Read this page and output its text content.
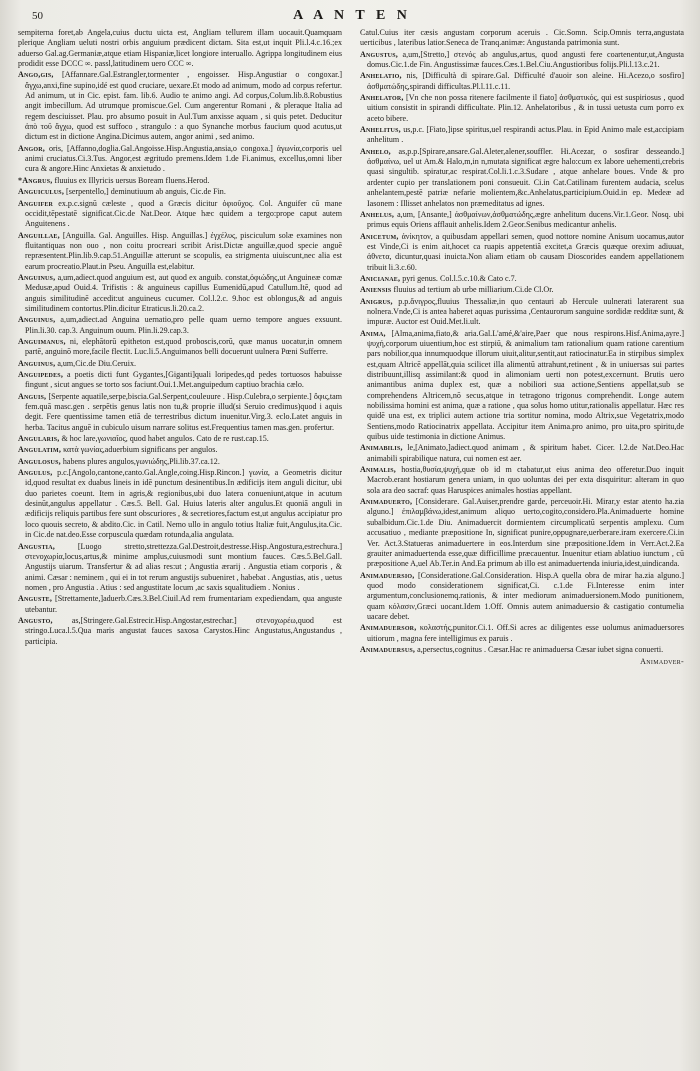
50	A A N T E N

sempiterna foret,ab Angela,cuius ductu uicta est, Angliam tellurem illam uocauit.Quamquam plerique Angliam ueluti nostri orbis anguium prædicent dictam. Sita est,ut inquit Pli.l.4.c.16.;ex aduerso Gal.ag.Germaniæ,atque etiam Hispaniæ,licet longiore interuallo. Agrippa longitudinem eius prodidit esse DCCC ∞. passl,latitudinem uero CCC ∞.

Ango,gis, [Affannare.Gal.Estrangler,tormenter , engoisser. Hisp.Angustiar o congoxar.] ἄγχω,anxi,fine supino,idé est quod cruciare, uexare.Et modo ad animum, modo ad corpus refertur. Ad animum, ut in Cic. epist. fam. lib.6. Audio te animo angi. Ad corpus,Colum.lib.8.Robustius angit imbecillum. Ad utrumque promiscue.Gel. Cum angerentur Romani , & pleraque Italia ad regem desciuisset. Plau. pro absumo posuit in Aul.Tum anxisse aquam , si quis petet. Deducitur ἀπὸ τοῦ ἄγχω, quod est suffoco , strangulo : a quo Synanche morbus faucium quod acutus,ut dictum est in dictione Angina.Dicimus autem, angor animi , sed animo.

Angor, oris, [Affanno,doglia.Gal.Angoisse.Hisp.Angustia,ansia,o congoxa.] ἀγωνία,corporis uel animi cruciatus.Ci.3.Tus. Angor,est ægritudo premens.Idem 1.de Fi.animus, excellus,omni liber cura & angore.Hinc Anxietas & anxietudo .

*Angrus, fluuius ex Illyricis uersus Boream fluens.Herod.

Anguiculus, [serpentello,] deminutiuum ab anguis, Cic.de Fin.

Anguifer ex.p.c.signū cæleste , quod a Græcis dicitur ὀφιοῦχος. Col. Anguifer cū mane occidit,tēpestatē significat.Cic.de Nat.Deor. Atque hæc quidem a tergo:prope caput autem Anguitenens .

Anguillae, [Anguilla. Gal. Anguilles. Hisp. Anguillas.] ἐγχέλυς, pisciculum solæ examines non fluitantiquas non ouo , non coitu procreari scribit Arist.Dictæ anguillæ,quod specie anguē repræsentent.Plin.lib.9.cap.51.Anguillæ atterunt se scopulis, ea strigmenta uiuiscunt,nec alia est earum procreatio.Plaut.in Pseu. Anguilla est,elabitur.

Anguinus, a,um,adiect.quod anguium est, aut quod ex anguib. constat,ὀφιώδης,ut Anguineæ comæ Medusæ,apud Ouid.4. Trifistis : & anguineus capillus Eumenidū,apud Catullum.Itē, quod ad anguis similitudinē accedit:ut anguineus cucumer. Col.l.2.c. 9.hoc est oblongus,& ad anguis similitudinem contortus.Plin.dicitur Etraticus.li.20.ca.2.

Anguinus, a,um,adiect.ad Anguina uernatio,pro pelle quam uerno tempore angues exsuunt. Plin.li.30. cap.3. Anguinum ouum. Plin.li.29.cap.3.

Anguimanus, ni, elephātorū epitheton est,quod proboscis,corū, quæ manus uocatur,in omnem partē, anguinō more,facile flectit. Luc.li.5.Anguimanos belli docuerunt uulnera Pœni Sufferre.

Anguinus, a,um,Cic.de Diu.Ceruix.

Anguipedes, a poetis dicti funt Gygantes,[Giganti]quali loripedes,qd pedes tortuosos habuisse fingunt , sicut angues se torto sos faciunt.Oui.1.Met.anguipedum captiuo brachia cælo.

Anguis, [Serpente aquatile,serpe,biscia.Gal.Serpent,couleuure . Hisp.Culebra,o serpiente.] ὄφις,tam fem.quā masc.gen . serpētis genus latis non tu,& proprie illud(si Seruio credimus)quod i aquis degit. Fere quentissime tamen etiā de terrestribus dictum inuenitur.Virg.3. eclo.Latet anguis in herba. Tacitus anguē in cubiculo uisum narrare solitus est.Frequentius tamen mas.gen. profertur.

Angularis, & hoc lare,γωνιαῖος, quod habet angulos. Cato de re rust.cap.15.

Angulatim, κατὰ γωνίας,aduerbium significans per angulos.

Angulosus, habens plures angulos,γωνιώδης,Pli.lib.37.ca.12.

Angulus, p.c.[Angolo,cantone,canto.Gal.Angle,coing.Hisp.Rincon.] γωνία, a Geometris dicitur id,quod resultat ex duabus lineis in idē punctum desinentibus.In ædificijs item anguli dicitur, ubi duo parietes coeunt. Item in agris,& regionibus,ubi duo latera conueniunt,atque in acutum desinūt,angulus appellatur . Cæs.5. Bell. Gal. Huius lateris alter angulus.Et quoniā anguli in ædificijs reliquis partibus fere sunt obscuriores , & secretiores,factum est,ut angulus accipiatur pro loco quouis secreto, & abdito.Cic. in Catil. Nemo ullo in angulo totius Italiæ fuit,Angulus,ita.Cic. in Cic.de nat.deo.Esse corpuscula quædam rotunda,alia angulata.

Angustia,	[Luogo stretto,strettezza.Gal.Destroit,destresse.Hisp.Angostura,estrechura.] στενοχωρία,locus,artus,& minime amplus,cuiusmodi sunt montium fauces. Cæs.5.Bel.Gall. Angustijs uiarum. Transfertur & ad alias res:ut ; Angustia ærarij . Angustia etiam corporis , & animi. Cæsar : neminem , qui ei in tot rerum angustijs subueniret , habebat . Angustias, atis , uetus nomen , pro Angustia . Atius : sed angustitate locum ,ac saxis squalitudiem . Nonius .

Anguste, [Strettamente,]aduerb.Cæs.3.Bel.Ciuil.Ad rem frumentariam expediendam, qua anguste utebantur.

Angusto, as,[Stringere.Gal.Estrecir.Hisp.Angostar,estrechar.] στενοχωρέω,quod est stringo.Luca.l.5.Qua maris angustat fauces saxosa Carystos.Hinc Angustatus,Angustandus , participia.

Catul.Cuius iter cæsis angustam corporum aceruis . Cic.Somn. Scip.Omnis terra,angustata uerticibus , lateribus latior.Seneca de Tranq.animæ: Angustanda patrimonia sunt.

Angustus, a,um,[Stretto,] στενός ab angulus,artus, quod angusti fere coartenentur,ut,Angusta domus.Cic.1.de Fin. Angustissimæ fauces.Cæs.1.Bel.Ciu.Angustioribus folijs.Pli.l.13.c.21.

Anhelatio, nis, [Difficultà di spirare.Gal. Difficulté d'auoir son aleine. Hi.Acezo,o sosfiro] ἀσθματώδης,spirandi difficultas.Pl.l.11.c.11.

Anhelator, [Vn che non possa ritenere facilmente il fiato] ἀσθματικός, qui est suspiriosus , quod uitium consistit in spirandi difficultate. Plin.12. Anhelatoribus , & in tussi uetusta cum porro ex aceto bibere.

Anhelitus, us,p.c. [Fiato,]ipse spiritus,uel respirandi actus.Plau. in Epid Animo male est,accipiam anhelitum .

Anhelo, as,p.p.[Spirare,ansare.Gal.Aleter,alener,souffler. Hi.Acezar, o sosfirar desseando.] ἀσθμαίνω, uel ut Am.& Halo,m,in n,mutata significat ægre halo:cum ex labore uehementi,crebris quasi singultib. spiratur,ac respirat.Col.li.1.c.3.Sudare , atque anhelare boues. Vnde & pro ardenter cupio per translationem poni consueuit. Ci.in Cat.Catilinam furentem audacia, scelus anhelantem,pestē patriæ nefarie molientem,&c.Anhelatus,participium.Ouid.in ep. Medeæ ad Iasonem : Illisset anhelatos non præmeditatus ad ignes.

Anhelus, a,um, [Ansante,] ἀσθμαίνων,ἀσθματώδης,ægre anhelitum ducens.Vir.1.Geor. Nosq. ubi primus equis Oriens afflauit anhelis.Idem 2.Geor.Senibus medicantur anhelis.

Anicetum, ἀνίκητον, a quibusdam appellari semen, quod nottore nomine Anisum uocamus,autor est Vinde,Ci is enim ait,hocet ca ruapis appetentiã excitet,a Græcis quæque orexim adiuuat, ἀθνετα, dicuntur,quasi inuicta.Non aliam etiam ob causam Dioscorides eandem appellationem tribuit li.3.c.60.

Anicianae, pyri genus. Col.l.5.c.10.& Cato c.7.

Aniensis fluuius ad tertium ab urbe milliarium.Ci.de Cl.Or.

Anigrus, p.p.ἄνιγρος,fluuius Thessaliæ,in quo centauri ab Hercule uulnerati laterarent sua nolnera.Vnde,Ci is antea haberet aquas purissima ,Centaurorum sanguine sordidæ redditæ sunt, & impuræ. Auctor est Ouid.Met.li.ult.

Anima, [Alma,anima,fiato,& aria.Gal.L'amé,&'aire,Paer que nous respirons.Hisf.Anima,ayre.] ψυχή,corporum uiuentium,hoc est stirpiū, & animalium tam rationalium quam ratione carentium pars nobilior,qua innumquodque illorum uiuit,alitur,sentit,aut ratiocinatur.Ea in stirpibus simplex est,quam Altricē appellāt,quia scilicet illa alimentū attrahunt,retinent , & in uniuersas sui partes distribuunt,illisq assimilant:& quod in alimoniam uerti non potest,excernunt. Brutis uero animantibus anima duplex est, quæ a nobiliori sua actione,Sentiens appellat,sub se comprehendens Altricem,nō secus,atque in tetragono trigonus comprehendit. Longe autem nobilissima homini est anima, quæ a ratione , qua solus homo utitur,rationalis appellatur. Hæc res quidē una est, ex triplici autem actione tria sortitur nomina, modo Altrix,sue Vegetatrix,modo Sentiens,modo Ratiocinatrix appellata. Accipitur item Anima.pro animo, pro uita,pro spiritu,de quibus uide testimonia in dictione Animus.

Animabilis, le,[Animato,]adiect.quod animam , & spiritum habet. Cicer. l.2.de Nat.Deo.Hac animabili spirabilique natura, cui nomen est aer.

Animalis, hostia,θυσία,ψυχή,quæ ob id m ctabatur,ut eius anima deo offeretur.Duo inquit Macrob.erant hostiarum genera uniam, in quo uoluntas dei per exta disquiritur: alteram in quo sola ara deo sacraf: quas Haruspices animales hostias appellant.

Animaduerto, [Considerare. Gal.Auiser,prendre garde, perceuoir.Hi. Mirar,y estar atento ha.zia alguno.] ἐπιλαμβάνω,idest,animum aliquo uerto,cogito,considero.Pla.Animaduerte homine subalbidum.Cic.1.de Diu. Animaduercit dormientem circumplicatū serpentis amplexu. Cum accusatiuo , mediante præpositione In, significat punire,oppugnare,uerberare.iram exercere.Ci.in Ver. Act.3.Statueras animaduertere in eos.Interdum sine præpositione.Idem in Verr.Act.2.Ea grauiter animaduertenda esse,quæ difficillime præcauentur. Inuenitur etiam ablatiuo iunctum , cū præpositione A,uel Ab.Ter.in And.Ea primum ab illo est animaduertenda iniuria,idest,uindicanda.

Animaduersio, [Consideratione.Gal.Consideration. Hisp.A quella obra de mirar ha.zia alguno.] quod modo considerationem significat,Ci. c.1.de Fi.Interesse enim inter argumentum,conclusionemq.rationis, & inter mediorum animaduersionem.Modo punitionem, quam κόλασιν,Græci uocant.Idem 1.Off. Omnis autem animaduersio & castigatio contumelia uacare debet.

Animaduersor, κολαστής,punitor.Ci.1. Off.Si acres ac diligentes esse uolumus animaduersores uitiorum , magna fere intelligimus ex paruis .

Animaduersus, a,persectus,cognitus . Cæsar.Hac re animaduersa Cæsar iubet signa conuerti.

Animadver-
